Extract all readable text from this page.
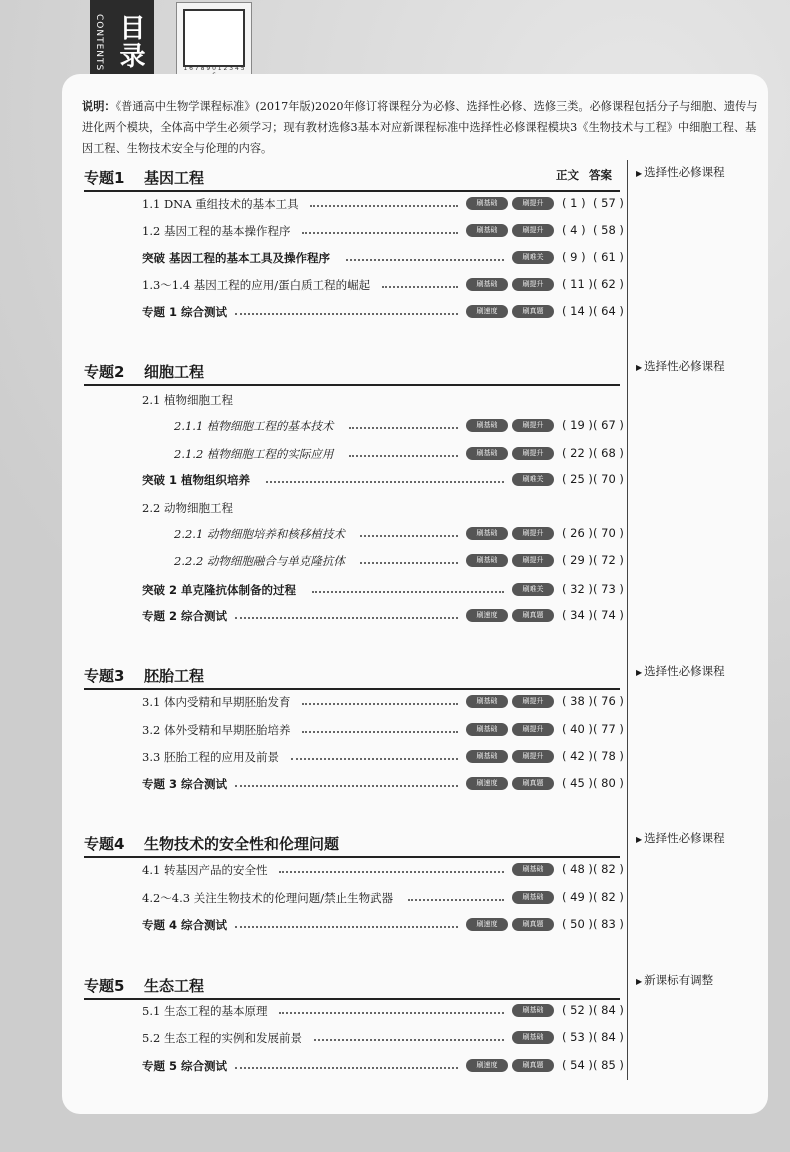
CONTENTS 目录	1 6 7 8 9 0 1 2 3 4 5
说明：《普通高中生物学课程标准》(2017年版)2020年修订将课程分为必修、选择性必修、选修三类。必修课程包括分子与细胞、遗传与进化两个模块，全体高中学生必须学习；现有教材选修3基本对应新课程标准中选择性必修课程模块3《生物技术与工程》中细胞工程、基因工程、生物技术安全与伦理的内容。
正文 答案
▶	选择性必修课程
▶ 选择性必修课程
▶ 选择性必修课程
▶ 选择性必修课程
▶ 新课标有调整
专题1 基因工程
1.1 DNA 重组技术的基本工具	刷基础	刷提升	( 1 ) ( 57 )
1.2 基因工程的基本操作程序	刷基础	刷提升	( 4 ) ( 58 )
突破 基因工程的基本工具及操作程序	刷难关	( 9 ) ( 61 )
1.3～1.4 基因工程的应用/蛋白质工程的崛起	刷基础	刷提升	( 11 ) ( 62 )
专题 1 综合测试	刷速度	刷真题	( 14 ) ( 64 )
专题2 细胞工程
2.1 植物细胞工程
2.1.1 植物细胞工程的基本技术	刷基础	刷提升	( 19 ) ( 67 )
2.1.2 植物细胞工程的实际应用	刷基础	刷提升	( 22 ) ( 68 )
突破 1 植物组织培养	刷难关	( 25 ) ( 70 )
2.2 动物细胞工程
2.2.1 动物细胞培养和核移植技术	刷基础	刷提升	( 26 ) ( 70 )
2.2.2 动物细胞融合与单克隆抗体	刷基础	刷提升	( 29 ) ( 72 )
突破 2 单克隆抗体制备的过程	刷难关	( 32 ) ( 73 )
专题 2 综合测试	刷速度	刷真题	( 34 ) ( 74 )
专题3 胚胎工程
3.1 体内受精和早期胚胎发育	刷基础	刷提升	( 38 ) ( 76 )
3.2 体外受精和早期胚胎培养	刷基础	刷提升	( 40 ) ( 77 )
3.3 胚胎工程的应用及前景	刷基础	刷提升	( 42 ) ( 78 )
专题 3 综合测试	刷速度	刷真题	( 45 ) ( 80 )
专题4 生物技术的安全性和伦理问题
4.1 转基因产品的安全性	刷基础	( 48 ) ( 82 )
4.2～4.3 关注生物技术的伦理问题/禁止生物武器	刷基础	( 49 ) ( 82 )
专题 4 综合测试	刷速度	刷真题	( 50 ) ( 83 )
专题5 生态工程
5.1 生态工程的基本原理	刷基础	( 52 ) ( 84 )
5.2 生态工程的实例和发展前景	刷基础	( 53 ) ( 84 )
专题 5 综合测试	刷速度	刷真题	( 54 ) ( 85 )
